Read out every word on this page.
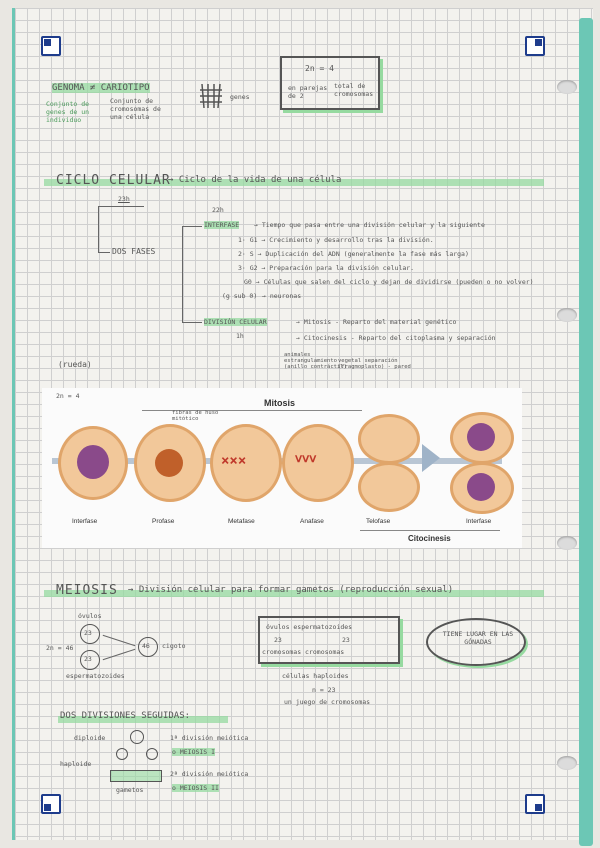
GENOMA ≠ CARIOTIPO
Conjunto de genes de un individuo
Conjunto de cromosomas de una célula
genes
2n = 4
en parejas de 2
total de cromosomas
CICLO CELULAR
→ Ciclo de la vida de una célula
23h
DOS FASES
22h
INTERFASE → Tiempo que pasa entre una división celular y la siguiente
1· G1 → Crecimiento y desarrollo tras la división.
2· S → Duplicación del ADN (generalmente la fase más larga)
3· G2 → Preparación para la división celular.
G0 → Células que salen del ciclo y dejan de dividirse (pueden o no volver)
(g sub 0) → neuronas
DIVISIÓN CELULAR
1h
→ Mitosis - Reparto del material genético
→ Citocinesis - Reparto del citoplasma y separación
animales estrangulamiento (anillo contráctil)
vegetal separación (fragmoplasto) - pared
(rueda)
2n = 4
Mitosis
fibras de huso mitótico
×××	ⅴⅴⅴ
Interfase	Profase	Metafase	Anafase	Telofase	Interfase
Citocinesis
MEIOSIS → División celular para formar gametos (reproducción sexual)
óvulos
23
23
2n = 46	46 cigoto
espermatozoides
óvulos espermatozoides
23	23
cromosomas cromosomas
TIENE LUGAR EN LAS GÓNADAS
células haploides
n = 23
un juego de cromosomas
DOS DIVISIONES SEGUIDAS:
diploide
haploide
gametos
1ª división meiótica
o MEIOSIS I
2ª división meiótica
o MEIOSIS II
